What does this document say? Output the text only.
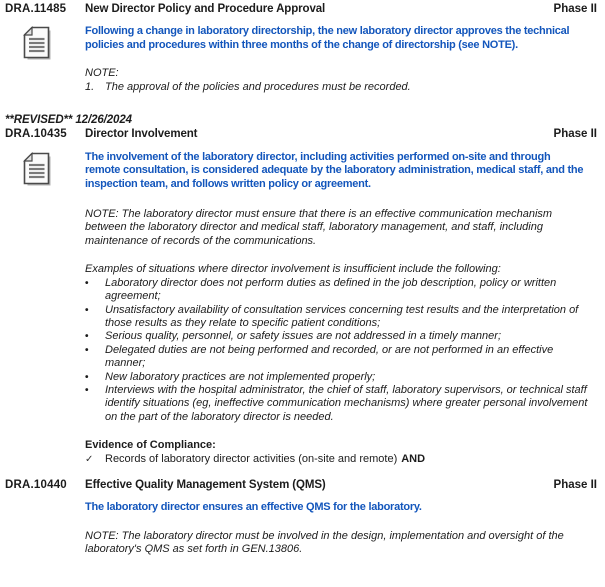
DRA.11485	New Director Policy and Procedure Approval	Phase II
Following a change in laboratory directorship, the new laboratory director approves the technical policies and procedures within three months of the change of directorship (see NOTE).
NOTE:
1. The approval of the policies and procedures must be recorded.
**REVISED** 12/26/2024
DRA.10435	Director Involvement	Phase II
The involvement of the laboratory director, including activities performed on-site and through remote consultation, is considered adequate by the laboratory administration, medical staff, and the inspection team, and follows written policy or agreement.
NOTE: The laboratory director must ensure that there is an effective communication mechanism between the laboratory director and medical staff, laboratory management, and staff, including maintenance of records of the communications.
Examples of situations where director involvement is insufficient include the following:
•	Laboratory director does not perform duties as defined in the job description, policy or written agreement;
•	Unsatisfactory availability of consultation services concerning test results and the interpretation of those results as they relate to specific patient conditions;
•	Serious quality, personnel, or safety issues are not addressed in a timely manner;
•	Delegated duties are not being performed and recorded, or are not performed in an effective manner;
•	New laboratory practices are not implemented properly;
•	Interviews with the hospital administrator, the chief of staff, laboratory supervisors, or technical staff identify situations (eg, ineffective communication mechanisms) where greater personal involvement on the part of the laboratory director is needed.
Evidence of Compliance:
✓	Records of laboratory director activities (on-site and remote) AND
DRA.10440	Effective Quality Management System (QMS)	Phase II
The laboratory director ensures an effective QMS for the laboratory.
NOTE: The laboratory director must be involved in the design, implementation and oversight of the laboratory's QMS as set forth in GEN.13806.
